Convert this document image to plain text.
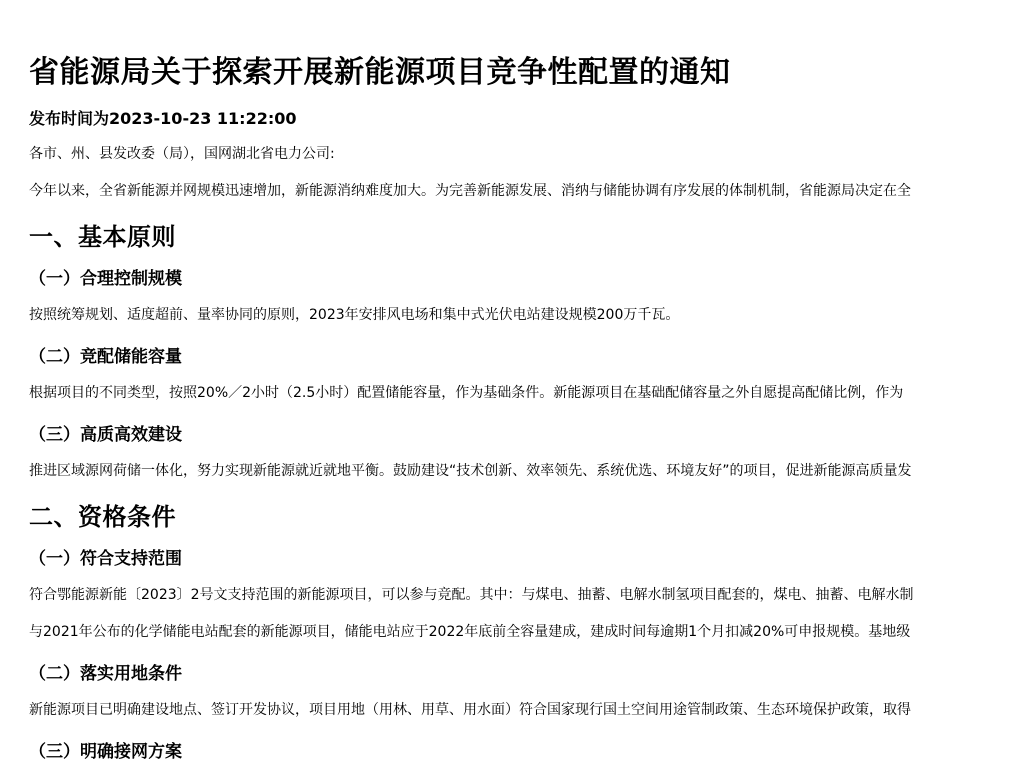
省能源局关于探索开展新能源项目竞争性配置的通知
发布时间为2023-10-23 11:22:00
各市、州、县发改委（局），国网湖北省电力公司:
今年以来，全省新能源并网规模迅速增加，新能源消纳难度加大。为完善新能源发展、消纳与储能协调有序发展的体制机制，省能源局决定在全
一、基本原则
（一）合理控制规模
按照统筹规划、适度超前、量率协同的原则，2023年安排风电场和集中式光伏电站建设规模200万千瓦。
（二）竞配储能容量
根据项目的不同类型，按照20%／2小时（2.5小时）配置储能容量，作为基础条件。新能源项目在基础配储容量之外自愿提高配储比例，作为
（三）高质高效建设
推进区域源网荷储一体化，努力实现新能源就近就地平衡。鼓励建设“技术创新、效率领先、系统优选、环境友好”的项目，促进新能源高质量发
二、资格条件
（一）符合支持范围
符合鄂能源新能〔2023〕2号文支持范围的新能源项目，可以参与竞配。其中：与煤电、抽蓄、电解水制氢项目配套的，煤电、抽蓄、电解水制
与2021年公布的化学储能电站配套的新能源项目，储能电站应于2022年底前全容量建成，建成时间每逾期1个月扣减20%可申报规模。基地级
（二）落实用地条件
新能源项目已明确建设地点、签订开发协议，项目用地（用林、用草、用水面）符合国家现行国土空间用途管制政策、生态环境保护政策，取得
（三）明确接网方案
